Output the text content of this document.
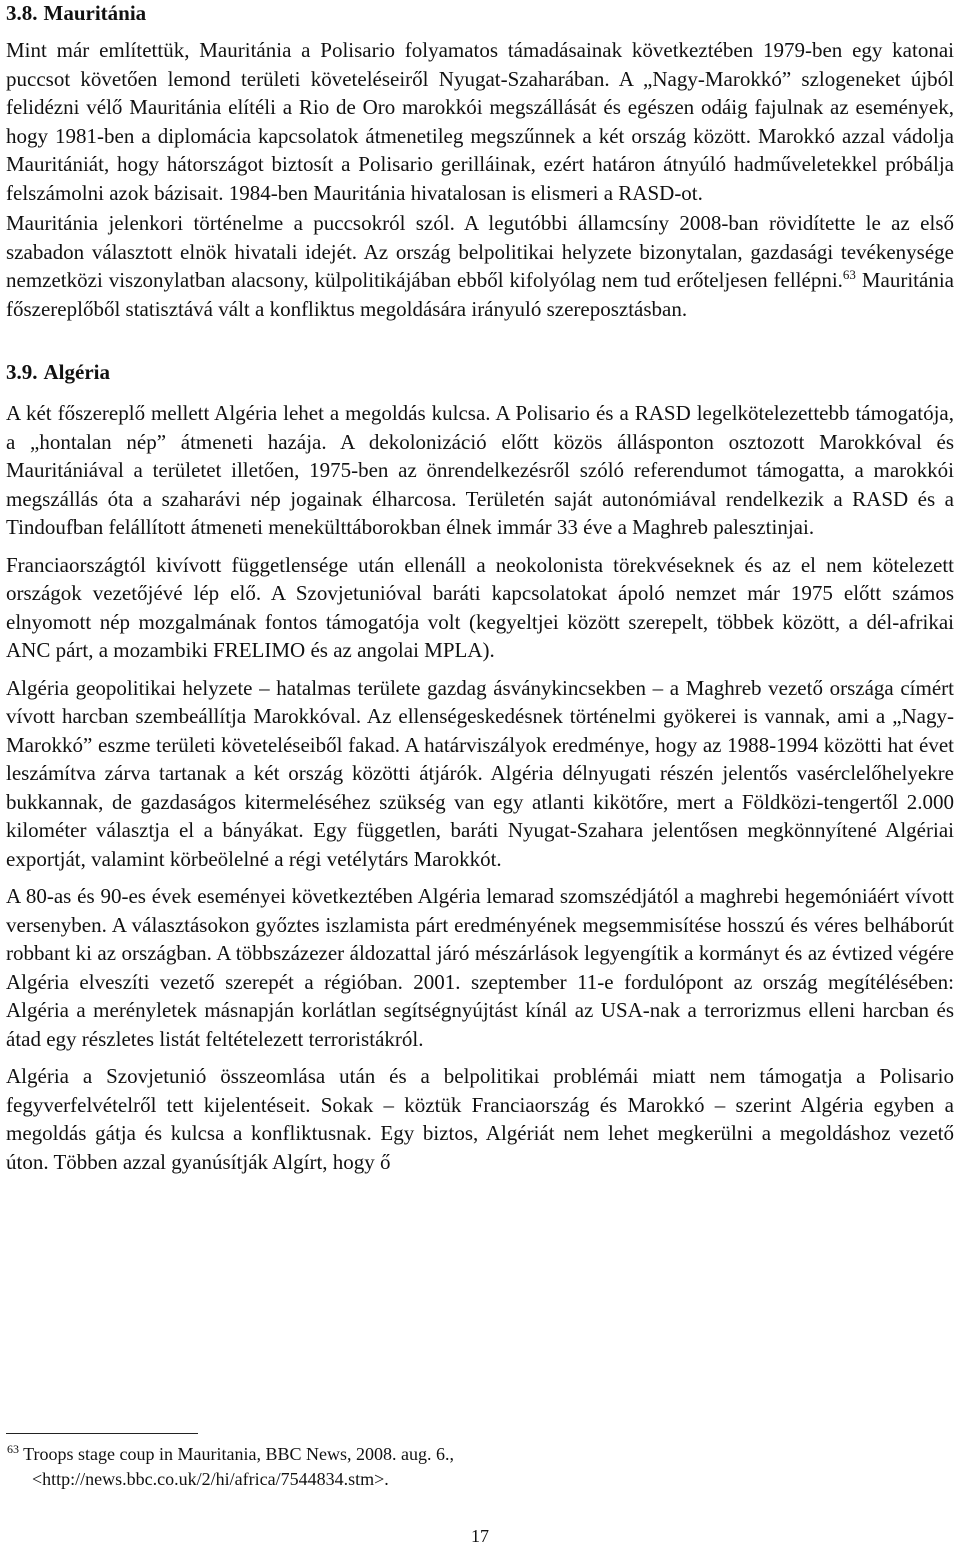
3.8. Mauritánia

Mint már említettük, Mauritánia a Polisario folyamatos támadásainak következtében 1979-ben egy katonai puccsot követően lemond területi követeléseiről Nyugat-Szaharában. A „Nagy-Marokkó” szlogeneket újból felidézni vélő Mauritánia elítéli a Rio de Oro marokkói megszállását és egészen odáig fajulnak az események, hogy 1981-ben a diplomácia kapcsolatok átmenetileg megszűnnek a két ország között. Marokkó azzal vádolja Mauritániát, hogy hátországot biztosít a Polisario gerilláinak, ezért határon átnyúló hadműveletekkel próbálja felszámolni azok bázisait. 1984-ben Mauritánia hivatalosan is elismeri a RASD-ot.

Mauritánia jelenkori történelme a puccsokról szól. A legutóbbi államcsíny 2008-ban rövidítette le az első szabadon választott elnök hivatali idejét. Az ország belpolitikai helyzete bizonytalan, gazdasági tevékenysége nemzetközi viszonylatban alacsony, külpolitikájában ebből kifolyólag nem tud erőteljesen fellépni.$^{63}$ Mauritánia főszereplőből statisztává vált a konfliktus megoldására irányuló szereposztásban.

3.9. Algéria

A két főszereplő mellett Algéria lehet a megoldás kulcsa. A Polisario és a RASD legelkötelezettebb támogatója, a „hontalan nép” átmeneti hazája. A dekolonizáció előtt közös állásponton osztozott Marokkóval és Mauritániával a területet illetően, 1975-ben az önrendelkezésről szóló referendumot támogatta, a marokkói megszállás óta a szaharávi nép jogainak élharcosa. Területén saját autonómiával rendelkezik a RASD és a Tindoufban felállított átmeneti menekülttáborokban élnek immár 33 éve a Maghreb palesztinjai.

Franciaországtól kivívott függetlensége után ellenáll a neokolonista törekvéseknek és az el nem kötelezett országok vezetőjévé lép elő. A Szovjetunióval baráti kapcsolatokat ápoló nemzet már 1975 előtt számos elnyomott nép mozgalmának fontos támogatója volt (kegyeltjei között szerepelt, többek között, a dél-afrikai ANC párt, a mozambiki FRELIMO és az angolai MPLA).

Algéria geopolitikai helyzete – hatalmas területe gazdag ásványkincsekben – a Maghreb vezető országa címért vívott harcban szembeállítja Marokkóval. Az ellenségeskedésnek történelmi gyökerei is vannak, ami a „Nagy-Marokkó” eszme területi követeléseiből fakad. A határviszályok eredménye, hogy az 1988-1994 közötti hat évet leszámítva zárva tartanak a két ország közötti átjárók. Algéria délnyugati részén jelentős vasérclelőhelyekre bukkannak, de gazdaságos kitermeléséhez szükség van egy atlanti kikötőre, mert a Földközi-tengertől 2.000 kilométer választja el a bányákat. Egy független, baráti Nyugat-Szahara jelentősen megkönnyítené Algériai exportját, valamint körbeölelné a régi vetélytárs Marokkót.

A 80-as és 90-es évek eseményei következtében Algéria lemarad szomszédjától a maghrebi hegemóniáért vívott versenyben. A választásokon győztes iszlamista párt eredményének megsemmisítése hosszú és véres belháborút robbant ki az országban. A többszázezer áldozattal járó mészárlások legyengítik a kormányt és az évtized végére Algéria elveszíti vezető szerepét a régióban. 2001. szeptember 11-e fordulópont az ország megítélésében: Algéria a merényletek másnapján korlátlan segítségnyújtást kínál az USA-nak a terrorizmus elleni harcban és átad egy részletes listát feltételezett terroristákról.

Algéria a Szovjetunió összeomlása után és a belpolitikai problémái miatt nem támogatja a Polisario fegyverfelvételről tett kijelentéseit. Sokak – köztük Franciaország és Marokkó – szerint Algéria egyben a megoldás gátja és kulcsa a konfliktusnak. Egy biztos, Algériát nem lehet megkerülni a megoldáshoz vezető úton. Többen azzal gyanúsítják Algírt, hogy ő

$^{63}$ Troops stage coup in Mauritania, BBC News, 2008. aug. 6.,
<http://news.bbc.co.uk/2/hi/africa/7544834.stm>.
17
